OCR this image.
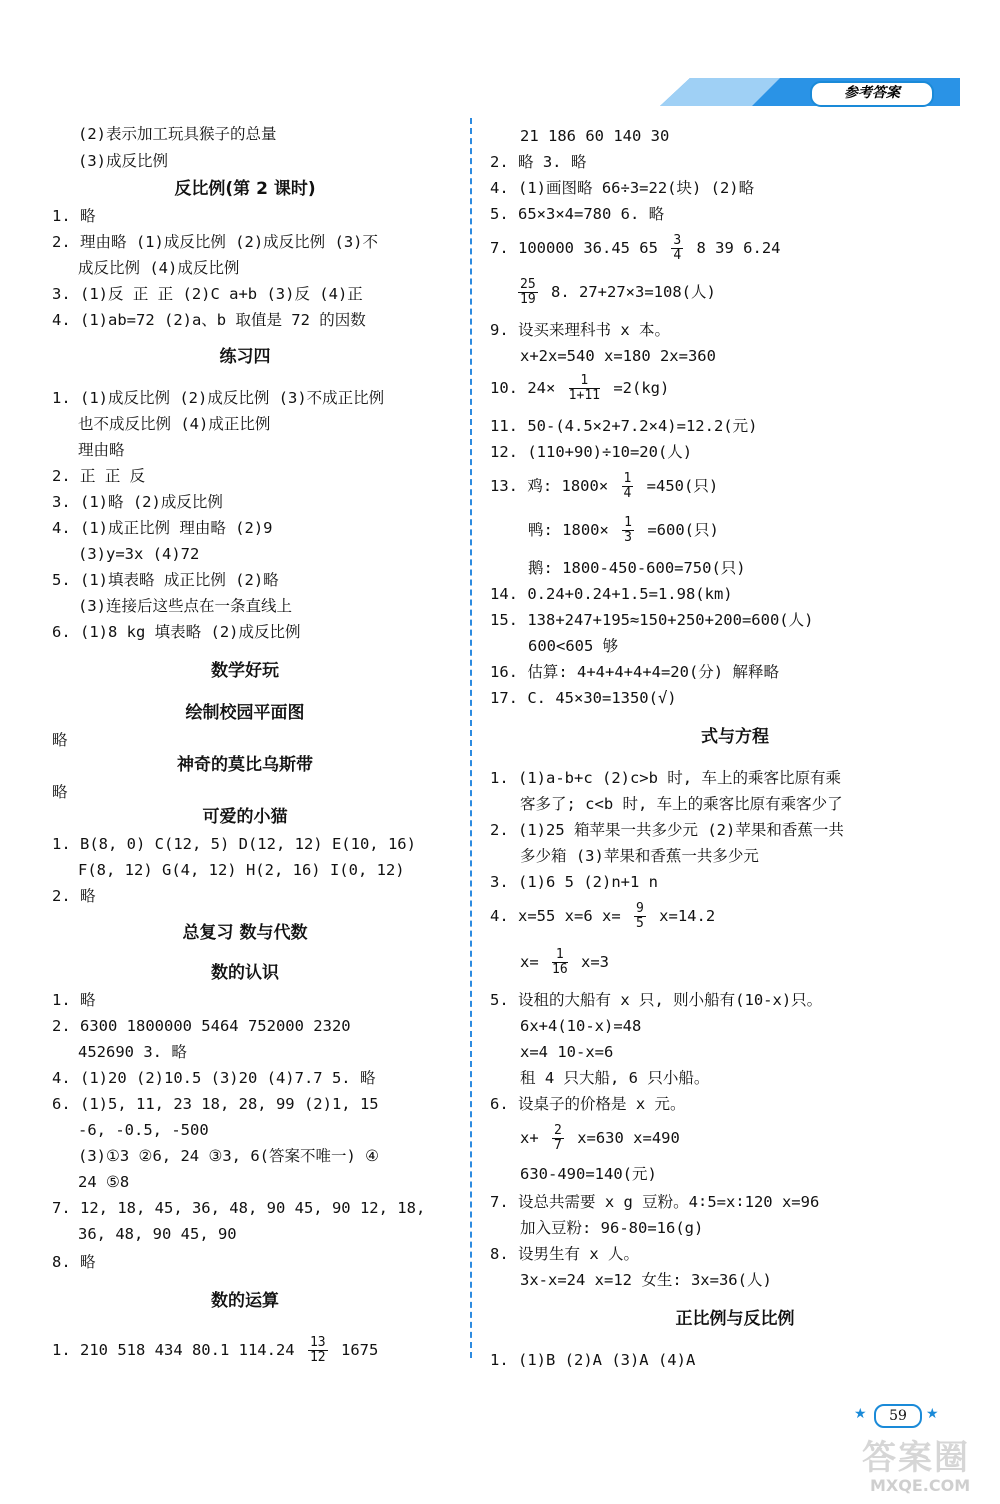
参考答案
(2)表示加工玩具猴子的总量
(3)成反比例
反比例(第 2 课时)
1. 略
2. 理由略 (1)成反比例 (2)成反比例 (3)不
成反比例 (4)成反比例
3. (1)反 正 正 (2)C a+b (3)反 (4)正
4. (1)ab=72 (2)a、b 取值是 72 的因数
练习四
1. (1)成反比例 (2)成反比例 (3)不成正比例
也不成反比例 (4)成正比例
理由略
2. 正 正 反
3. (1)略 (2)成反比例
4. (1)成正比例 理由略 (2)9
(3)y=3x (4)72
5. (1)填表略 成正比例 (2)略
(3)连接后这些点在一条直线上
6. (1)8 kg 填表略 (2)成反比例
数学好玩
绘制校园平面图
略
神奇的莫比乌斯带
略
可爱的小猫
1. B(8, 0) C(12, 5) D(12, 12) E(10, 16)
F(8, 12) G(4, 12) H(2, 16) I(0, 12)
2. 略
总复习 数与代数
数的认识
1. 略
2. 6300 1800000 5464 752000 2320
452690 3. 略
4. (1)20 (2)10.5 (3)20 (4)7.7 5. 略
6. (1)5, 11, 23 18, 28, 99 (2)1, 15
-6, -0.5, -500
(3)①3 ②6, 24 ③3, 6(答案不唯一) ④
24 ⑤8
7. 12, 18, 45, 36, 48, 90 45, 90 12, 18,
36, 48, 90 45, 90
8. 略
数的运算
1. 210 518 434 80.1 $114.24 \frac{13}{12} 1675$
21 186 60 140 30
2. 略 3. 略
4. (1)画图略 66÷3=22(块) (2)略
5. 65×3×4=780 6. 略
7. 100000 36.45 $65 \frac{3}{4} 8$ 39 6.24
$\frac{25}{19} 8$. 27+27×3=108(人)
9. 设买来理科书 x 本。
x+2x=540 x=180 2x=360
10. $24\times \frac{1}{1+11} =2(kg)$
11. 50-(4.5×2+7.2×4)=12.2(元)
12. (110+90)÷10=20(人)
13. 鸡: $1800\times \frac{1}{4} =450$(只)
鸭: $1800\times \frac{1}{3} =600$(只)
鹅: 1800-450-600=750(只)
14. 0.24+0.24+1.5=1.98(km)
15. 138+247+195≈150+250+200=600(人)
600<605 够
16. 估算: 4+4+4+4+4=20(分) 解释略
17. C. 45×30=1350(√)
式与方程
1. (1)a-b+c (2)c>b 时, 车上的乘客比原有乘
客多了; c<b 时, 车上的乘客比原有乘客少了
2. (1)25 箱苹果一共多少元 (2)苹果和香蕉一共
多少箱 (3)苹果和香蕉一共多少元
3. (1)6 5 (2)n+1 n
4. x=55 x=6 $x= \frac{9}{5} x=14.2$
$x= \frac{1}{16} x=3$
5. 设租的大船有 x 只, 则小船有(10-x)只。
6x+4(10-x)=48
x=4 10-x=6
租 4 只大船, 6 只小船。
6. 设桌子的价格是 x 元。
$x+ \frac{2}{7} x=630$ x=490
630-490=140(元)
7. 设总共需要 x g 豆粉。4∶5=x∶120 x=96
加入豆粉: 96-80=16(g)
8. 设男生有 x 人。
3x-x=24 x=12 女生: 3x=36(人)
正比例与反比例
1. (1)B (2)A (3)A (4)A
★	59	★
答案圈
MXQE.COM
